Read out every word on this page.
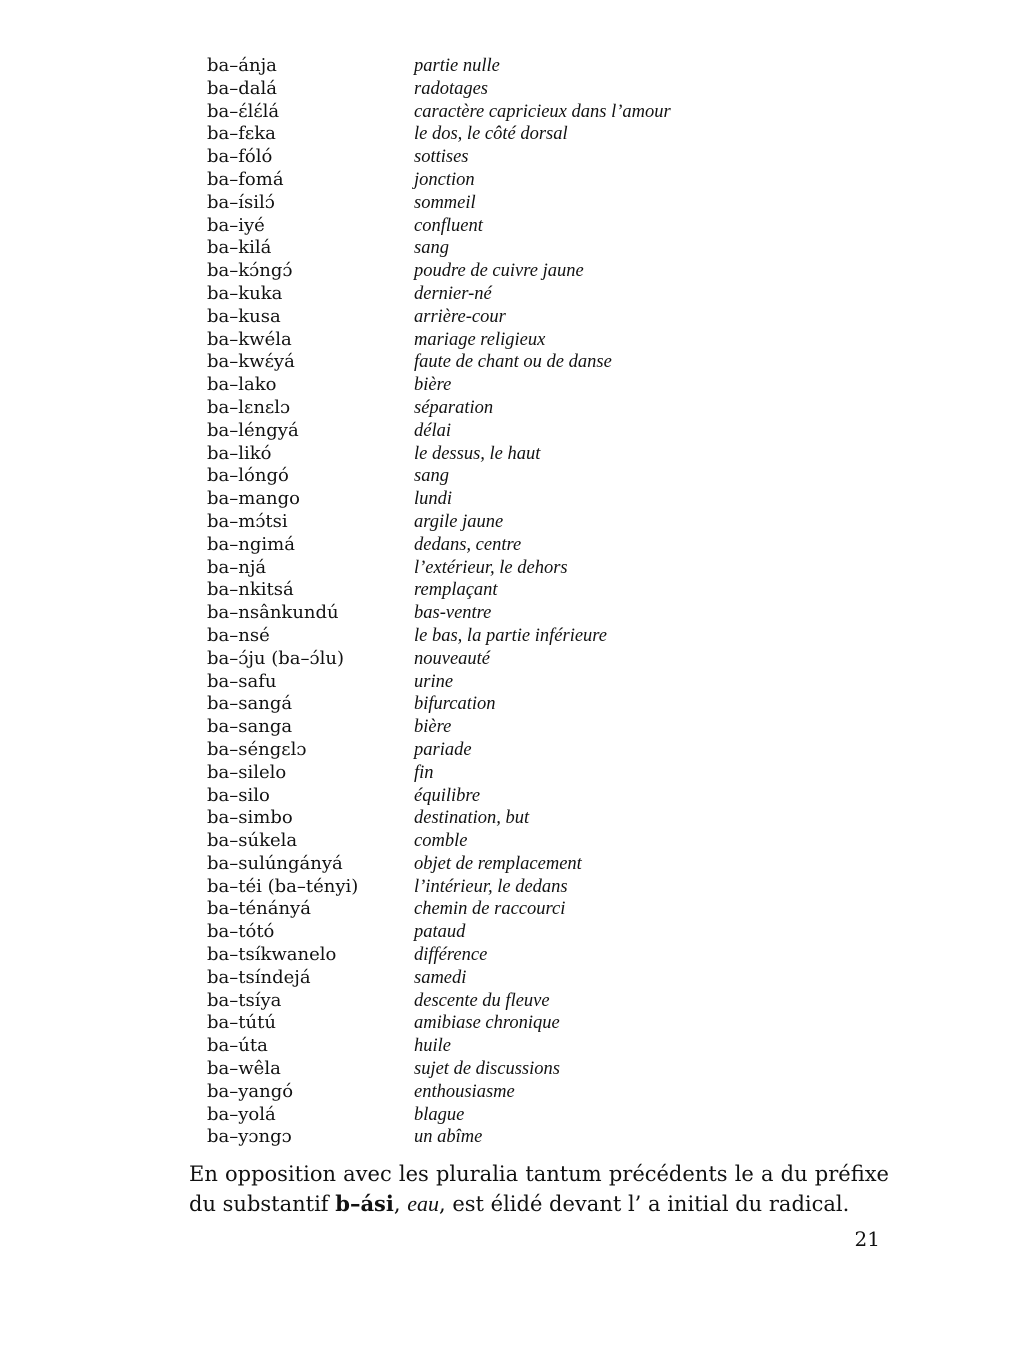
ba–ánja	partie nulle
ba–dalá	radotages
ba–ɛ́lɛ́lá	caractère capricieux dans l’amour
ba–fɛka	le dos, le côté dorsal
ba–fóló	sottises
ba–fomá	jonction
ba–ísilɔ́	sommeil
ba–iyé	confluent
ba–kilá	sang
ba–kɔ́ngɔ́	poudre de cuivre jaune
ba–kuka	dernier-né
ba–kusa	arrière-cour
ba–kwéla	mariage religieux
ba–kwɛ́yá	faute de chant ou de danse
ba–lako	bière
ba–lɛnɛlɔ	séparation
ba–léngyá	délai
ba–likó	le dessus, le haut
ba–lóngó	sang
ba–mango	lundi
ba–mɔ́tsi	argile jaune
ba–ngimá	dedans, centre
ba–njá	l’extérieur, le dehors
ba–nkitsá	remplaçant
ba–nsânkundú	bas-ventre
ba–nsé	le bas, la partie inférieure
ba–ɔ́ju (ba–ɔ́lu)	nouveauté
ba–safu	urine
ba–sangá	bifurcation
ba–sanga	bière
ba–séngɛlɔ	pariade
ba–silelo	fin
ba–silo	équilibre
ba–simbo	destination, but
ba–súkela	comble
ba–sulúngányá	objet de remplacement
ba–téi (ba–tényi)	l’intérieur, le dedans
ba–ténányá	chemin de raccourci
ba–tótó	pataud
ba–tsíkwanelo	différence
ba–tsíndejá	samedi
ba–tsíya	descente du fleuve
ba–tútú	amibiase chronique
ba–úta	huile
ba–wêla	sujet de discussions
ba–yangó	enthousiasme
ba–yolá	blague
ba–yɔngɔ	un abîme

En opposition avec les pluralia tantum précédents le a du préfixe du substantif b–ási, eau, est élidé devant l’ a initial du radical.

21
